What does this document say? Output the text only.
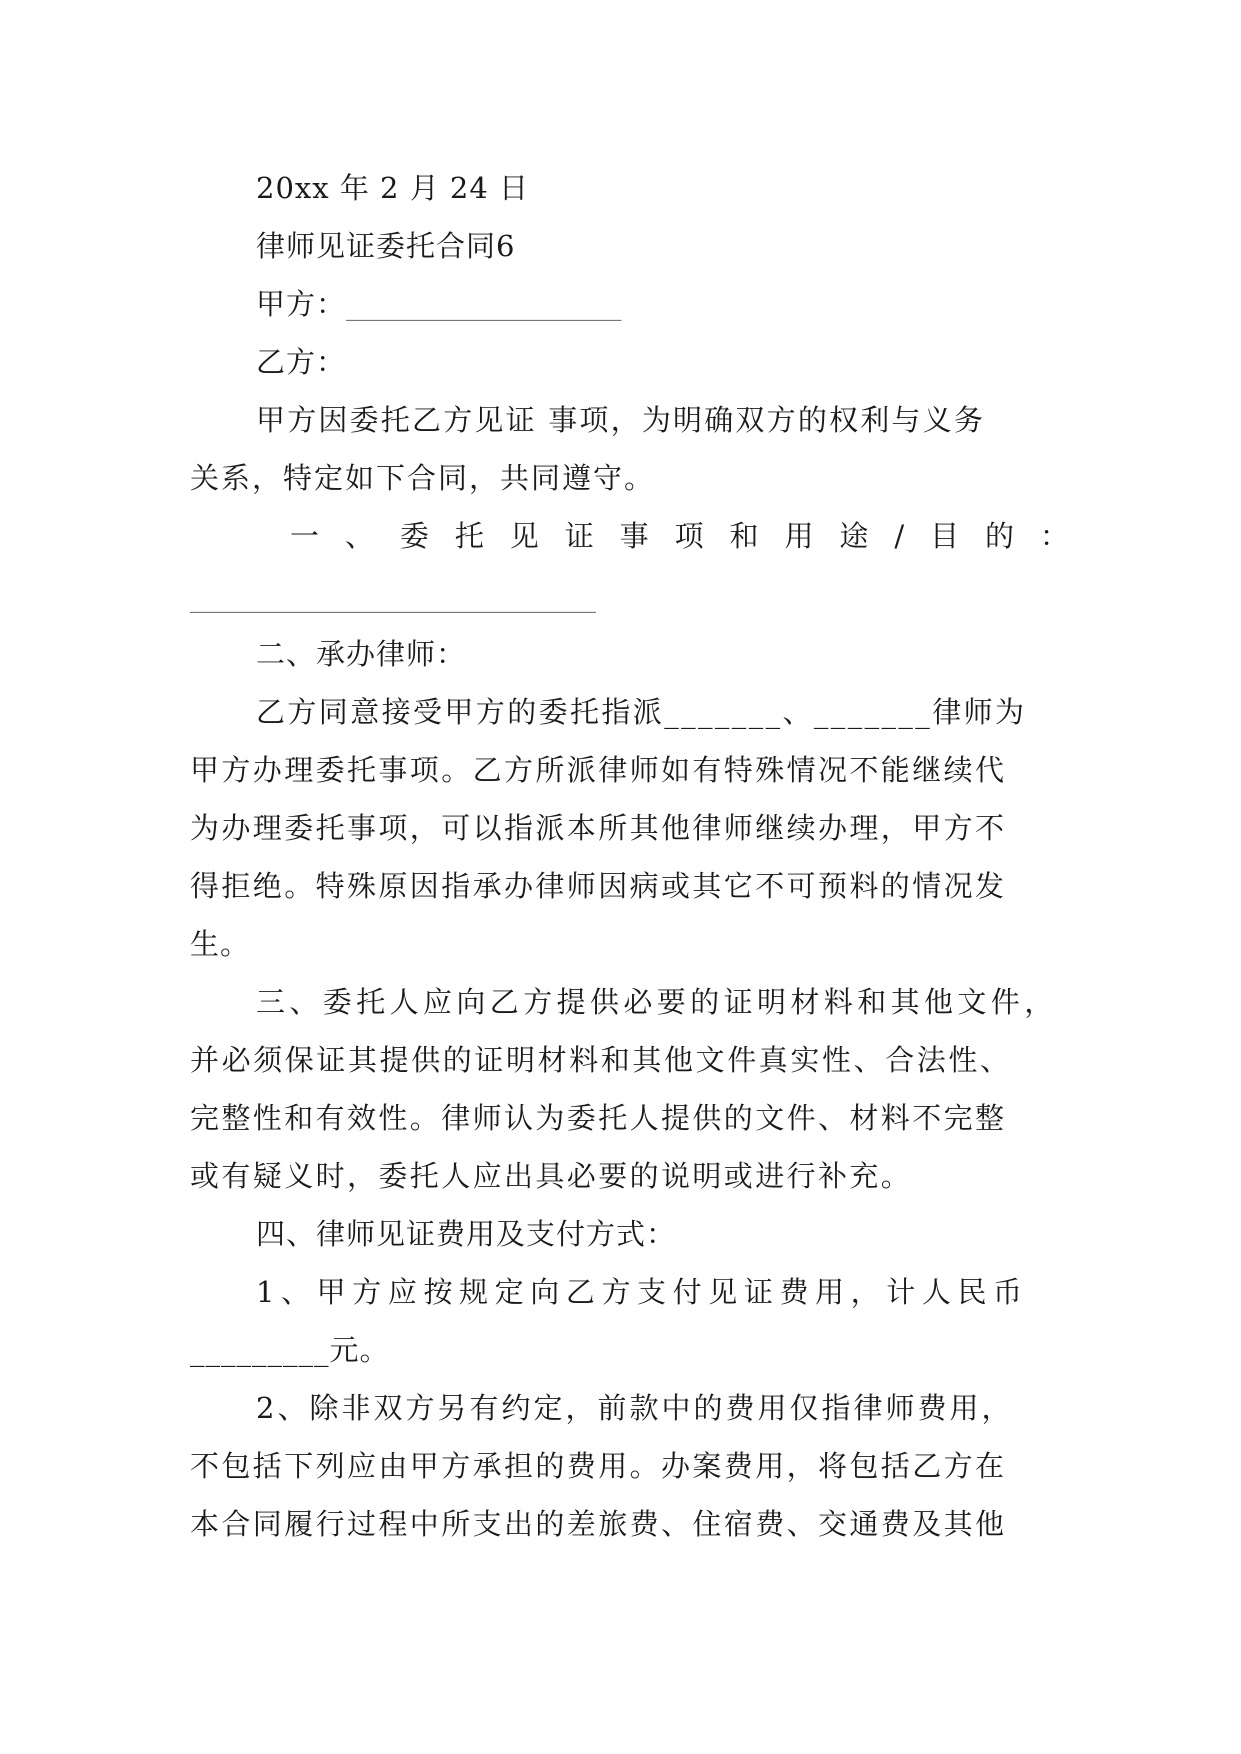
20xx 年 2 月 24 日
律师见证委托合同6
甲方：___________________
乙方：
甲方因委托乙方见证 事项，为明确双方的权利与义务
关系，特定如下合同，共同遵守。
一 、 委 托 见 证 事 项 和 用 途 / 目 的 ：
____________________________
二、承办律师：
乙方同意接受甲方的委托指派_______、_______律师为
甲方办理委托事项。乙方所派律师如有特殊情况不能继续代
为办理委托事项，可以指派本所其他律师继续办理，甲方不
得拒绝。特殊原因指承办律师因病或其它不可预料的情况发
生。
三、委托人应向乙方提供必要的证明材料和其他文件，
并必须保证其提供的证明材料和其他文件真实性、合法性、
完整性和有效性。律师认为委托人提供的文件、材料不完整
或有疑义时，委托人应出具必要的说明或进行补充。
四、律师见证费用及支付方式：
1、甲方应按规定向乙方支付见证费用，计人民币
_________元。
2、除非双方另有约定，前款中的费用仅指律师费用，
不包括下列应由甲方承担的费用。办案费用，将包括乙方在
本合同履行过程中所支出的差旅费、住宿费、交通费及其他
